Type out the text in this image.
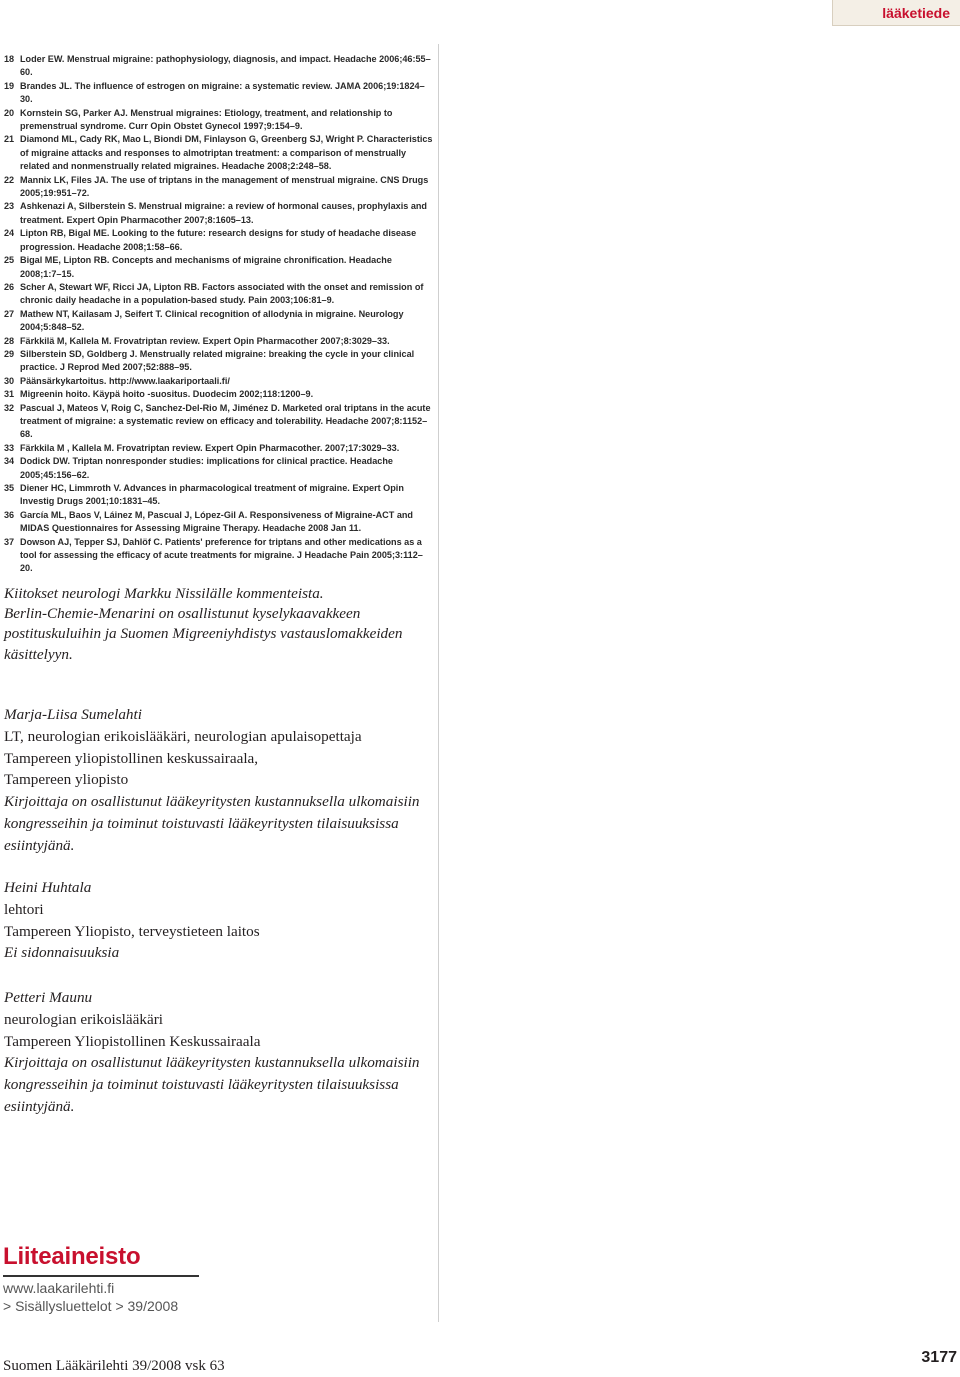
lääketiede
18 Loder EW. Menstrual migraine: pathophysiology, diagnosis, and impact. Headache 2006;46:55–60.
19 Brandes JL. The influence of estrogen on migraine: a systematic review. JAMA 2006;19:1824–30.
20 Kornstein SG, Parker AJ. Menstrual migraines: Etiology, treatment, and relationship to premenstrual syndrome. Curr Opin Obstet Gynecol 1997;9:154–9.
21 Diamond ML, Cady RK, Mao L, Biondi DM, Finlayson G, Greenberg SJ, Wright P. Characteristics of migraine attacks and responses to almotriptan treatment: a comparison of menstrually related and nonmenstrually related migraines. Headache 2008;2:248–58.
22 Mannix LK, Files JA. The use of triptans in the management of menstrual migraine. CNS Drugs 2005;19:951–72.
23 Ashkenazi A, Silberstein S. Menstrual migraine: a review of hormonal causes, prophylaxis and treatment. Expert Opin Pharmacother 2007;8:1605–13.
24 Lipton RB, Bigal ME. Looking to the future: research designs for study of headache disease progression. Headache 2008;1:58–66.
25 Bigal ME, Lipton RB. Concepts and mechanisms of migraine chronification. Headache 2008;1:7–15.
26 Scher A, Stewart WF, Ricci JA, Lipton RB. Factors associated with the onset and remission of chronic daily headache in a population-based study. Pain 2003;106:81–9.
27 Mathew NT, Kailasam J, Seifert T. Clinical recognition of allodynia in migraine. Neurology 2004;5:848–52.
28 Färkkilä M, Kallela M. Frovatriptan review. Expert Opin Pharmacother 2007;8:3029–33.
29 Silberstein SD, Goldberg J. Menstrually related migraine: breaking the cycle in your clinical practice. J Reprod Med 2007;52:888–95.
30 Päänsärkykartoitus. http://www.laakariportaali.fi/
31 Migreenin hoito. Käypä hoito -suositus. Duodecim 2002;118:1200–9.
32 Pascual J, Mateos V, Roig C, Sanchez-Del-Rio M, Jiménez D. Marketed oral triptans in the acute treatment of migraine: a systematic review on efficacy and tolerability. Headache 2007;8:1152–68.
33 Färkkila M , Kallela M. Frovatriptan review. Expert Opin Pharmacother. 2007;17:3029–33.
34 Dodick DW. Triptan nonresponder studies: implications for clinical practice. Headache 2005;45:156–62.
35 Diener HC, Limmroth V. Advances in pharmacological treatment of migraine. Expert Opin Investig Drugs 2001;10:1831–45.
36 García ML, Baos V, Láinez M, Pascual J, López-Gil A. Responsiveness of Migraine-ACT and MIDAS Questionnaires for Assessing Migraine Therapy. Headache 2008 Jan 11.
37 Dowson AJ, Tepper SJ, Dahlöf C. Patients' preference for triptans and other medications as a tool for assessing the efficacy of acute treatments for migraine. J Headache Pain 2005;3:112–20.

Kiitokset neurologi Markku Nissilälle kommenteista.

Berlin-Chemie-Menarini on osallistunut kyselykaavakkeen postituskuluihin ja Suomen Migreeniyhdistys vastauslomakkeiden käsittelyyn.

Marja-Liisa Sumelahti
LT, neurologian erikoislääkäri, neurologian apulaisopettaja
Tampereen yliopistollinen keskussairaala,
Tampereen yliopisto
Kirjoittaja on osallistunut lääkeyritysten kustannuksella ulkomaisiin kongresseihin ja toiminut toistuvasti lääkeyritysten tilaisuuksissa esiintyjänä.
Heini Huhtala
lehtori
Tampereen Yliopisto, terveystieteen laitos
Ei sidonnaisuuksia
Petteri Maunu
neurologian erikoislääkäri
Tampereen Yliopistollinen Keskussairaala
Kirjoittaja on osallistunut lääkeyritysten kustannuksella ulkomaisiin kongresseihin ja toiminut toistuvasti lääkeyritysten tilaisuuksissa esiintyjänä.
Liiteaineisto
www.laakarilehti.fi
> Sisällysluettelot > 39/2008
Suomen Lääkärilehti 39/2008 vsk 63	3177
